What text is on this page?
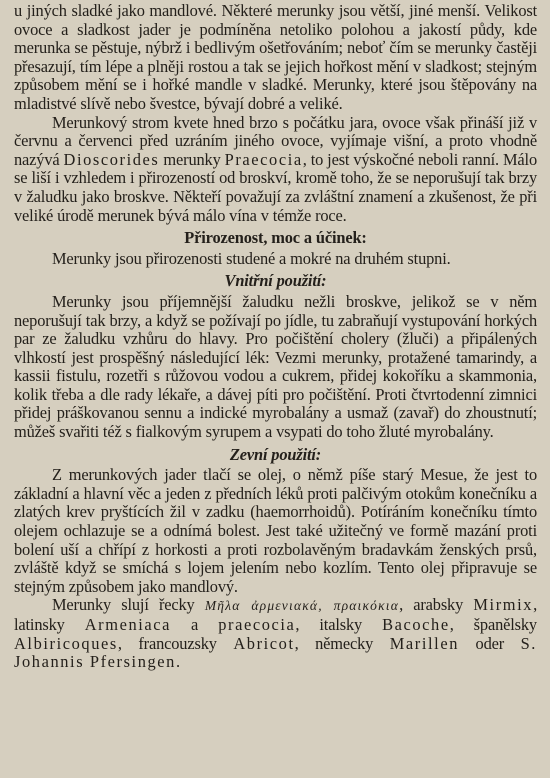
u jiných sladké jako mandlové. Některé merunky jsou větší, jiné menší. Velikost ovoce a sladkost jader je podmíněna netoliko polohou a jakostí půdy, kde merunka se pěstuje, nýbrž i bedlivým ošetřováním; neboť čím se merunky častěji přesazují, tím lépe a plněji rostou a tak se jejich hořkost mění v sladkost; stejným způsobem mění se i hořké mandle v sladké. Merunky, které jsou štěpovány na mladistvé slívě nebo švestce, bývají dobré a veliké.

Merunkový strom kvete hned brzo s počátku jara, ovoce však přináší již v červnu a červenci před uzráním jiného ovoce, vyjímaje višní, a proto vhodně nazývá Dioscorides merunky Praecocia, to jest výskočné neboli ranní. Málo se liší i vzhledem i přirozeností od broskví, kromě toho, že se neporušují tak brzy v žaludku jako broskve. Někteří považují za zvláštní znamení a zkušenost, že při veliké úrodě merunek bývá málo vína v témže roce.

Přirozenost, moc a účinek:

Merunky jsou přirozenosti studené a mokré na druhém stupni.

Vnitřní použití:

Merunky jsou příjemnější žaludku nežli broskve, jelikož se v něm neporušují tak brzy, a když se požívají po jídle, tu zabraňují vystupování horkých par ze žaludku vzhůru do hlavy. Pro počištění cholery (žluči) a připálených vlhkostí jest prospěšný následující lék: Vezmi merunky, protažené tamarindy, a kassii fistulu, rozetři s růžovou vodou a cukrem, přidej kokoříku a skammonia, kolik třeba a dle rady lékaře, a dávej píti pro počištění. Proti čtvrtodenní zimnici přidej práškovanou sennu a indické myrobalány a usmaž (zavař) do zhoustnutí; můžeš svařiti též s fialkovým syrupem a vsypati do toho žluté myrobalány.

Zevní použití:

Z merunkových jader tlačí se olej, o němž píše starý Mesue, že jest to základní a hlavní věc a jeden z předních léků proti palčivým otokům konečníku a zlatých krev pryštících žil v zadku (haemorrhoidů). Potíráním konečníku tímto olejem ochlazuje se a odnímá bolest. Jest také užitečný ve formě mazání proti bolení uší a chřípí z horkosti a proti rozbolavěným bradavkám ženských prsů, zvláště když se smíchá s lojem jelením nebo kozlím. Tento olej připravuje se stejným způsobem jako mandlový.

Merunky slují řecky Μῆλα ἀρμενιακά, πραικόκια, arabsky Mirmix, latinsky Armeniaca a praecocia, italsky Bacoche, španělsky Albiricoques, francouzsky Abricot, německy Marillen oder S. Johannis Pfersingen.
